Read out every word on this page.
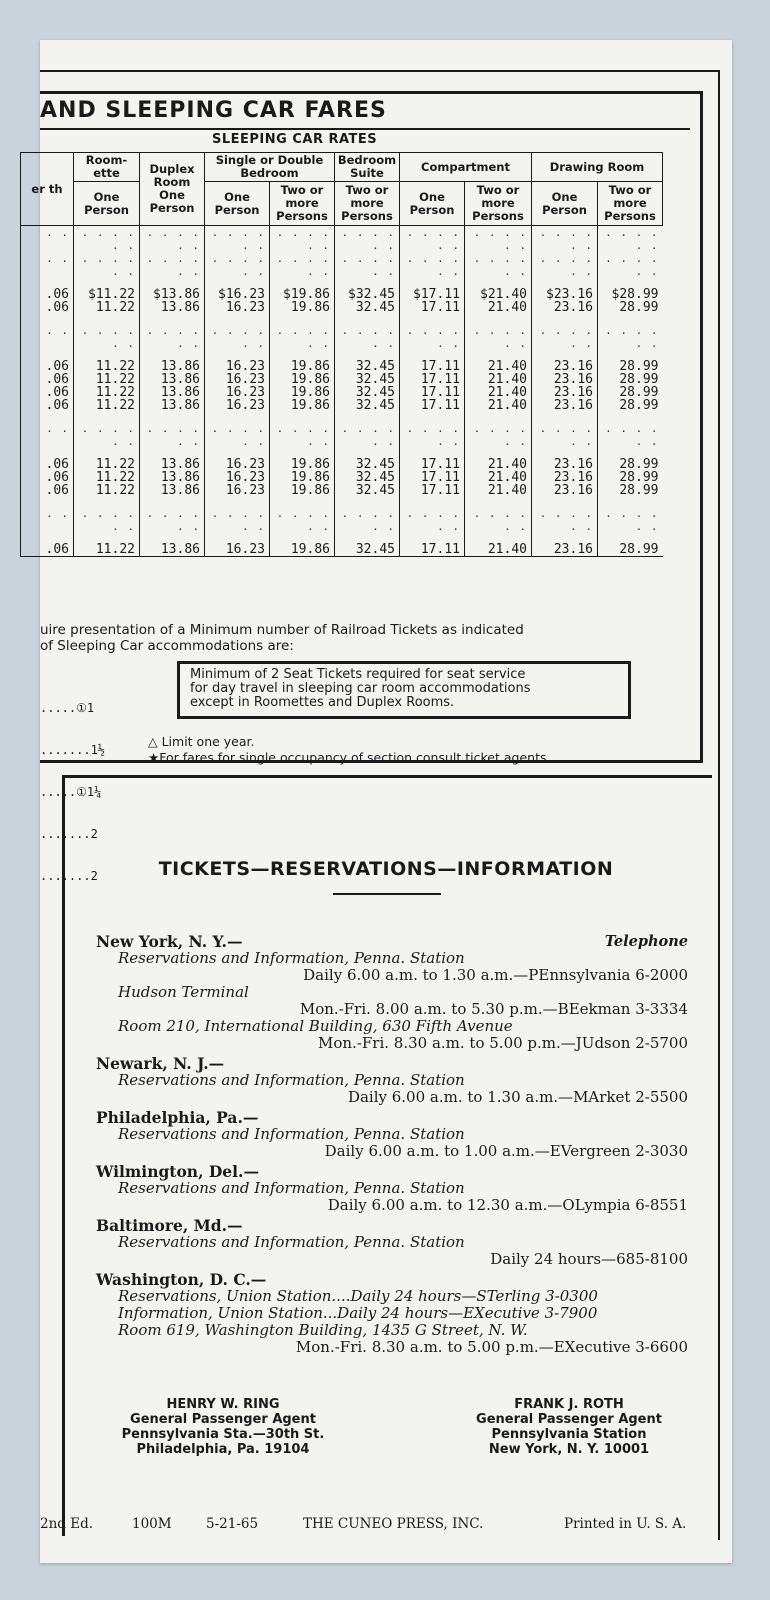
AND SLEEPING CAR FARES
SLEEPING CAR RATES
er th	Room-ette	Duplex Room One Person	Single or Double Bedroom		Bedroom Suite	Compartment		Drawing Room	
	One Person		One Person	Two or more Persons	Two or more Persons	One Person	Two or more Persons	One Person	Two or more Persons
. .	. . . . . .	. . . . . .	. . . . . .	. . . . . .	. . . . . .	. . . . . .	. . . . . .	. . . . . .	. . . . . .
. .	. . . . . .	. . . . . .	. . . . . .	. . . . . .	. . . . . .	. . . . . .	. . . . . .	. . . . . .	. . . . . .

.06	$11.22	$13.86	$16.23	$19.86	$32.45	$17.11	$21.40	$23.16	$28.99
.06	11.22	13.86	16.23	19.86	32.45	17.11	21.40	23.16	28.99

. .	. . . . . .	. . . . . .	. . . . . .	. . . . . .	. . . . . .	. . . . . .	. . . . . .	. . . . . .	. . . . . .

.06	11.22	13.86	16.23	19.86	32.45	17.11	21.40	23.16	28.99
.06	11.22	13.86	16.23	19.86	32.45	17.11	21.40	23.16	28.99
.06	11.22	13.86	16.23	19.86	32.45	17.11	21.40	23.16	28.99
.06	11.22	13.86	16.23	19.86	32.45	17.11	21.40	23.16	28.99

. .	. . . . . .	. . . . . .	. . . . . .	. . . . . .	. . . . . .	. . . . . .	. . . . . .	. . . . . .	. . . . . .

.06	11.22	13.86	16.23	19.86	32.45	17.11	21.40	23.16	28.99
.06	11.22	13.86	16.23	19.86	32.45	17.11	21.40	23.16	28.99
.06	11.22	13.86	16.23	19.86	32.45	17.11	21.40	23.16	28.99

. .	. . . . . .	. . . . . .	. . . . . .	. . . . . .	. . . . . .	. . . . . .	. . . . . .	. . . . . .	. . . . . .

.06	11.22	13.86	16.23	19.86	32.45	17.11	21.40	23.16	28.99
uire presentation of a Minimum number of Railroad Tickets as indicated
of Sleeping Car accommodations are:

.....①1

.......1½

.....①1¼

.......2

.......2

Minimum of 2 Seat Tickets required for seat service
for day travel in sleeping car room accommodations
except in Roomettes and Duplex Rooms.
△ Limit one year.
★For fares for single occupancy of section consult ticket agents.
TICKETS—RESERVATIONS—INFORMATION
New York, N. Y.—	Telephone
Reservations and Information, Penna. Station
Daily 6.00 a.m. to 1.30 a.m.—PEnnsylvania 6-2000
Hudson Terminal
Mon.-Fri. 8.00 a.m. to 5.30 p.m.—BEekman 3-3334
Room 210, International Building, 630 Fifth Avenue
Mon.-Fri. 8.30 a.m. to 5.00 p.m.—JUdson 2-5700
Newark, N. J.—
Reservations and Information, Penna. Station
Daily 6.00 a.m. to 1.30 a.m.—MArket 2-5500
Philadelphia, Pa.—
Reservations and Information, Penna. Station
Daily 6.00 a.m. to 1.00 a.m.—EVergreen 2-3030
Wilmington, Del.—
Reservations and Information, Penna. Station
Daily 6.00 a.m. to 12.30 a.m.—OLympia 6-8551
Baltimore, Md.—
Reservations and Information, Penna. Station
Daily 24 hours—685-8100
Washington, D. C.—
Reservations, Union Station....Daily 24 hours—STerling 3-0300
Information, Union Station...Daily 24 hours—EXecutive 3-7900
Room 619, Washington Building, 1435 G Street, N. W.
Mon.-Fri. 8.30 a.m. to 5.00 p.m.—EXecutive 3-6600
HENRY W. RING
General Passenger Agent
Pennsylvania Sta.—30th St.
Philadelphia, Pa. 19104
FRANK J. ROTH
General Passenger Agent
Pennsylvania Station
New York, N. Y. 10001
2nd Ed.	100M	5-21-65	THE CUNEO PRESS, INC.	Printed in U. S. A.
